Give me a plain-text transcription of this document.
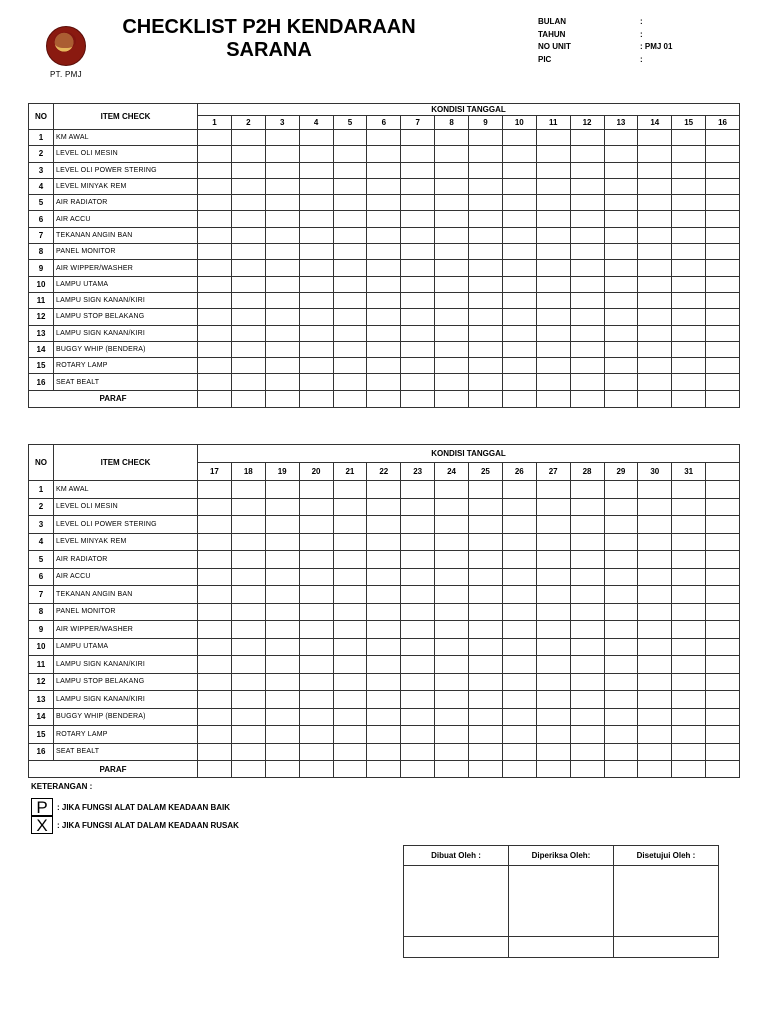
PT. PMJ
CHECKLIST P2H KENDARAAN
SARANA
BULAN	:
TAHUN	:
NO UNIT	: PMJ 01
PIC	:
NO	ITEM CHECK	KONDISI TANGGAL															
		1	2	3	4	5	6	7	8	9	10	11	12	13	14	15	16
1	KM AWAL																
2	LEVEL OLI MESIN																
3	LEVEL OLI POWER STERING																
4	LEVEL MINYAK REM																
5	AIR RADIATOR																
6	AIR ACCU																
7	TEKANAN ANGIN BAN																
8	PANEL MONITOR																
9	AIR WIPPER/WASHER																
10	LAMPU UTAMA																
11	LAMPU SIGN KANAN/KIRI																
12	LAMPU STOP BELAKANG																
13	LAMPU SIGN KANAN/KIRI																
14	BUGGY WHIP (BENDERA)																
15	ROTARY LAMP																
16	SEAT BEALT																
PARAF																	
NO	ITEM CHECK	KONDISI TANGGAL															
		17	18	19	20	21	22	23	24	25	26	27	28	29	30	31	
1	KM AWAL																
2	LEVEL OLI MESIN																
3	LEVEL OLI POWER STERING																
4	LEVEL MINYAK REM																
5	AIR RADIATOR																
6	AIR ACCU																
7	TEKANAN ANGIN BAN																
8	PANEL MONITOR																
9	AIR WIPPER/WASHER																
10	LAMPU UTAMA																
11	LAMPU SIGN KANAN/KIRI																
12	LAMPU STOP BELAKANG																
13	LAMPU SIGN KANAN/KIRI																
14	BUGGY WHIP (BENDERA)																
15	ROTARY LAMP																
16	SEAT BEALT																
PARAF																	
KETERANGAN :
P	: JIKA FUNGSI ALAT DALAM KEADAAN BAIK
X	: JIKA FUNGSI ALAT DALAM KEADAAN RUSAK
Dibuat Oleh :	Diperiksa Oleh:	Disetujui Oleh :
